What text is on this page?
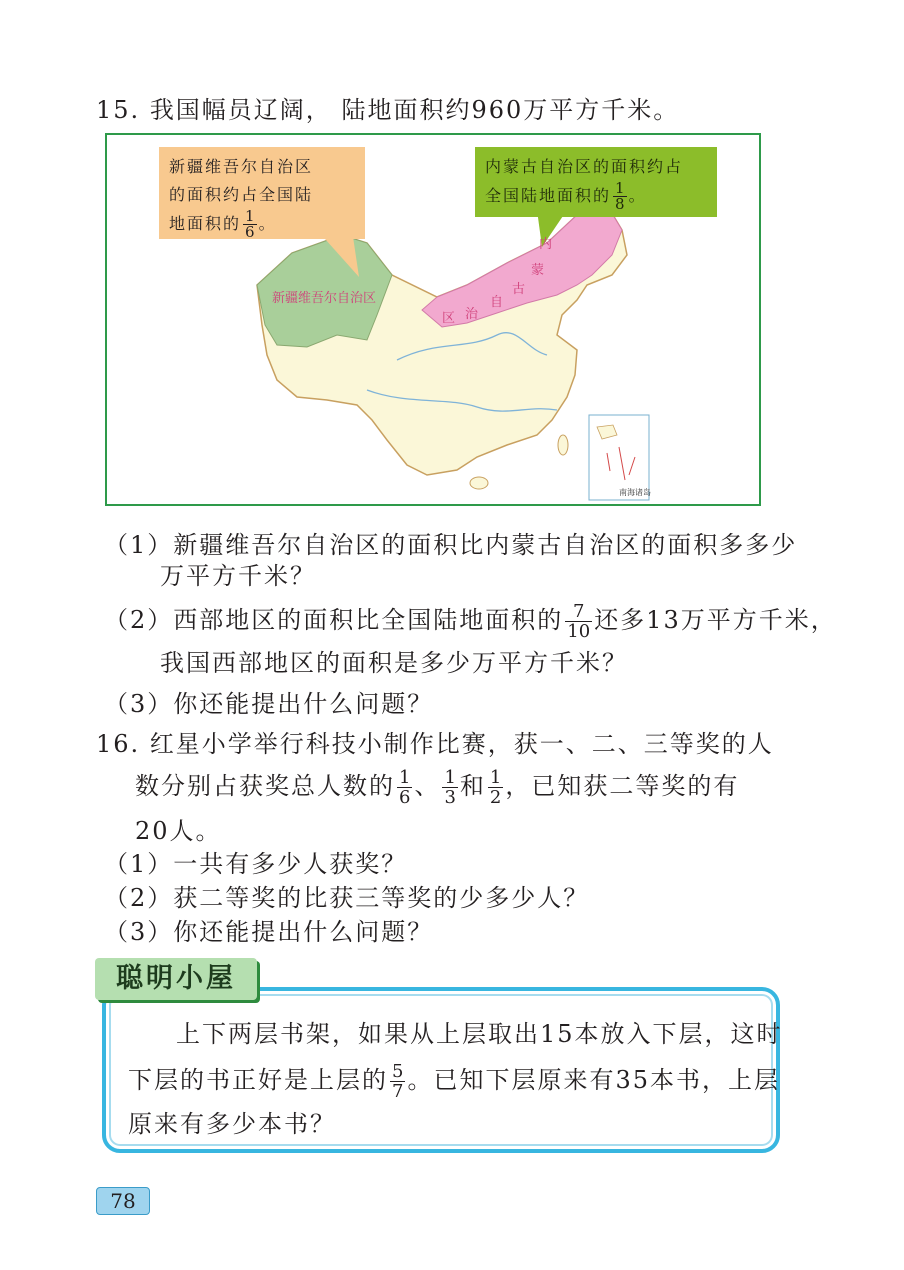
15. 我国幅员辽阔， 陆地面积约960万平方千米。
新疆维吾尔自治区
的面积约占全国陆
地面积的 $\frac{1}{6}$ 。
内蒙古自治区的面积约占
全国陆地面积的 $\frac{1}{8}$ 。
新疆维吾尔自治区
内
蒙
古
自
治
区
南海诸岛
（1）新疆维吾尔自治区的面积比内蒙古自治区的面积多多少
万平方千米？
（2）西部地区的面积比全国陆地面积的 $\frac{7}{10}$ 还多13万平方千米，
我国西部地区的面积是多少万平方千米？
（3）你还能提出什么问题？
16. 红星小学举行科技小制作比赛，获一、二、三等奖的人
数分别占获奖总人数的 $\frac{1}{6}$ 、 $\frac{1}{3}$ 和 $\frac{1}{2}$ ，已知获二等奖的有
20人。
（1）一共有多少人获奖？
（2）获二等奖的比获三等奖的少多少人？
（3）你还能提出什么问题？
聪明小屋
上下两层书架，如果从上层取出15本放入下层，这时
下层的书正好是上层的 $\frac{5}{7}$ 。已知下层原来有35本书，上层
原来有多少本书？
78
